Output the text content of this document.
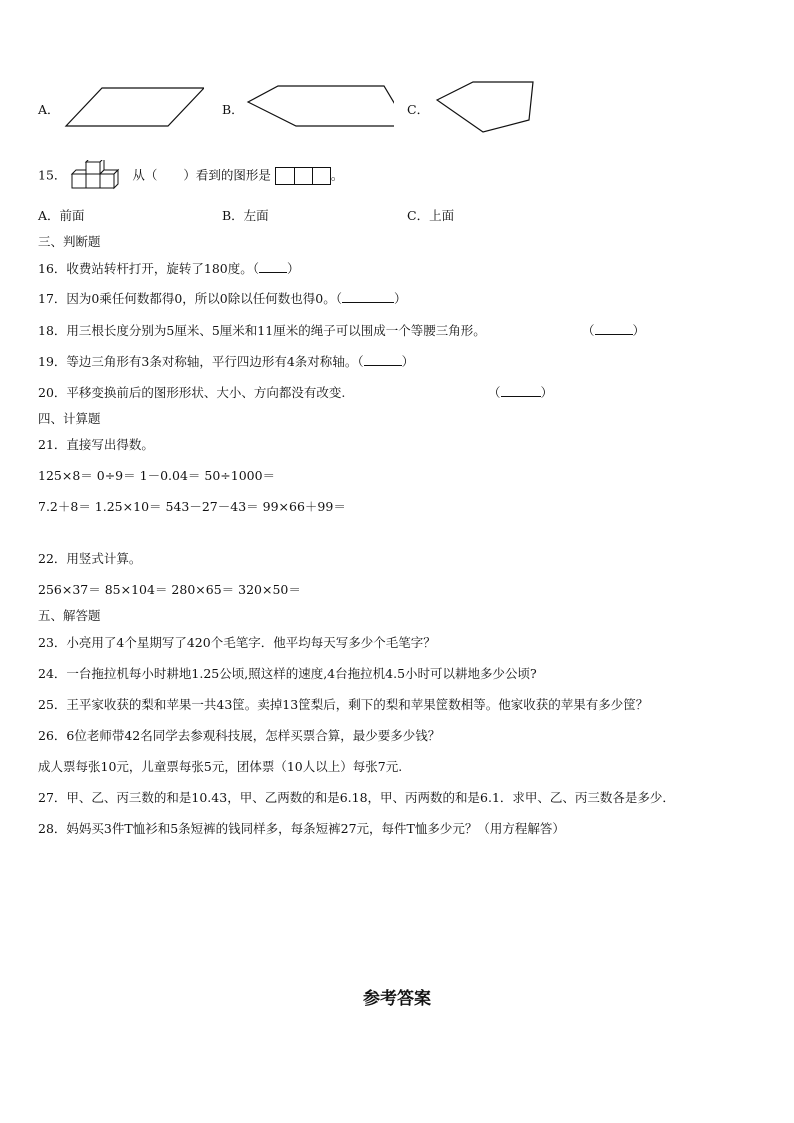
A．	B．	C．
15．	从（ ）看到的图形是	。
A．前面	B．左面	C．上面
三、判断题
16．收费站转杆打开，旋转了180度。（ ）
17．因为0乘任何数都得0，所以0除以任何数也得0。（	）
18．用三根长度分别为5厘米、5厘米和11厘米的绳子可以围成一个等腰三角形。	（	）
19．等边三角形有3条对称轴，平行四边形有4条对称轴。（	）
20．平移变换前后的图形形状、大小、方向都没有改变.	（	）
四、计算题
21．直接写出得数。
125×8＝ 0÷9＝ 1－0.04＝ 50÷1000＝
7.2＋8＝ 1.25×10＝ 543－27－43＝ 99×66＋99＝
22．用竖式计算。
256×37＝ 85×104＝ 280×65＝ 320×50＝
五、解答题
23．小亮用了4个星期写了420个毛笔字．他平均每天写多少个毛笔字？
24．一台拖拉机每小时耕地1.25公顷,照这样的速度,4台拖拉机4.5小时可以耕地多少公顷?
25．王平家收获的梨和苹果一共43筐。卖掉13筐梨后，剩下的梨和苹果筐数相等。他家收获的苹果有多少筐？
26．6位老师带42名同学去参观科技展，怎样买票合算，最少要多少钱？
成人票每张10元，儿童票每张5元，团体票（10人以上）每张7元.
27．甲、乙、丙三数的和是10.43，甲、乙两数的和是6.18，甲、丙两数的和是6.1．求甲、乙、丙三数各是多少．
28．妈妈买3件T恤衫和5条短裤的钱同样多，每条短裤27元，每件T恤多少元？（用方程解答）
参考答案
